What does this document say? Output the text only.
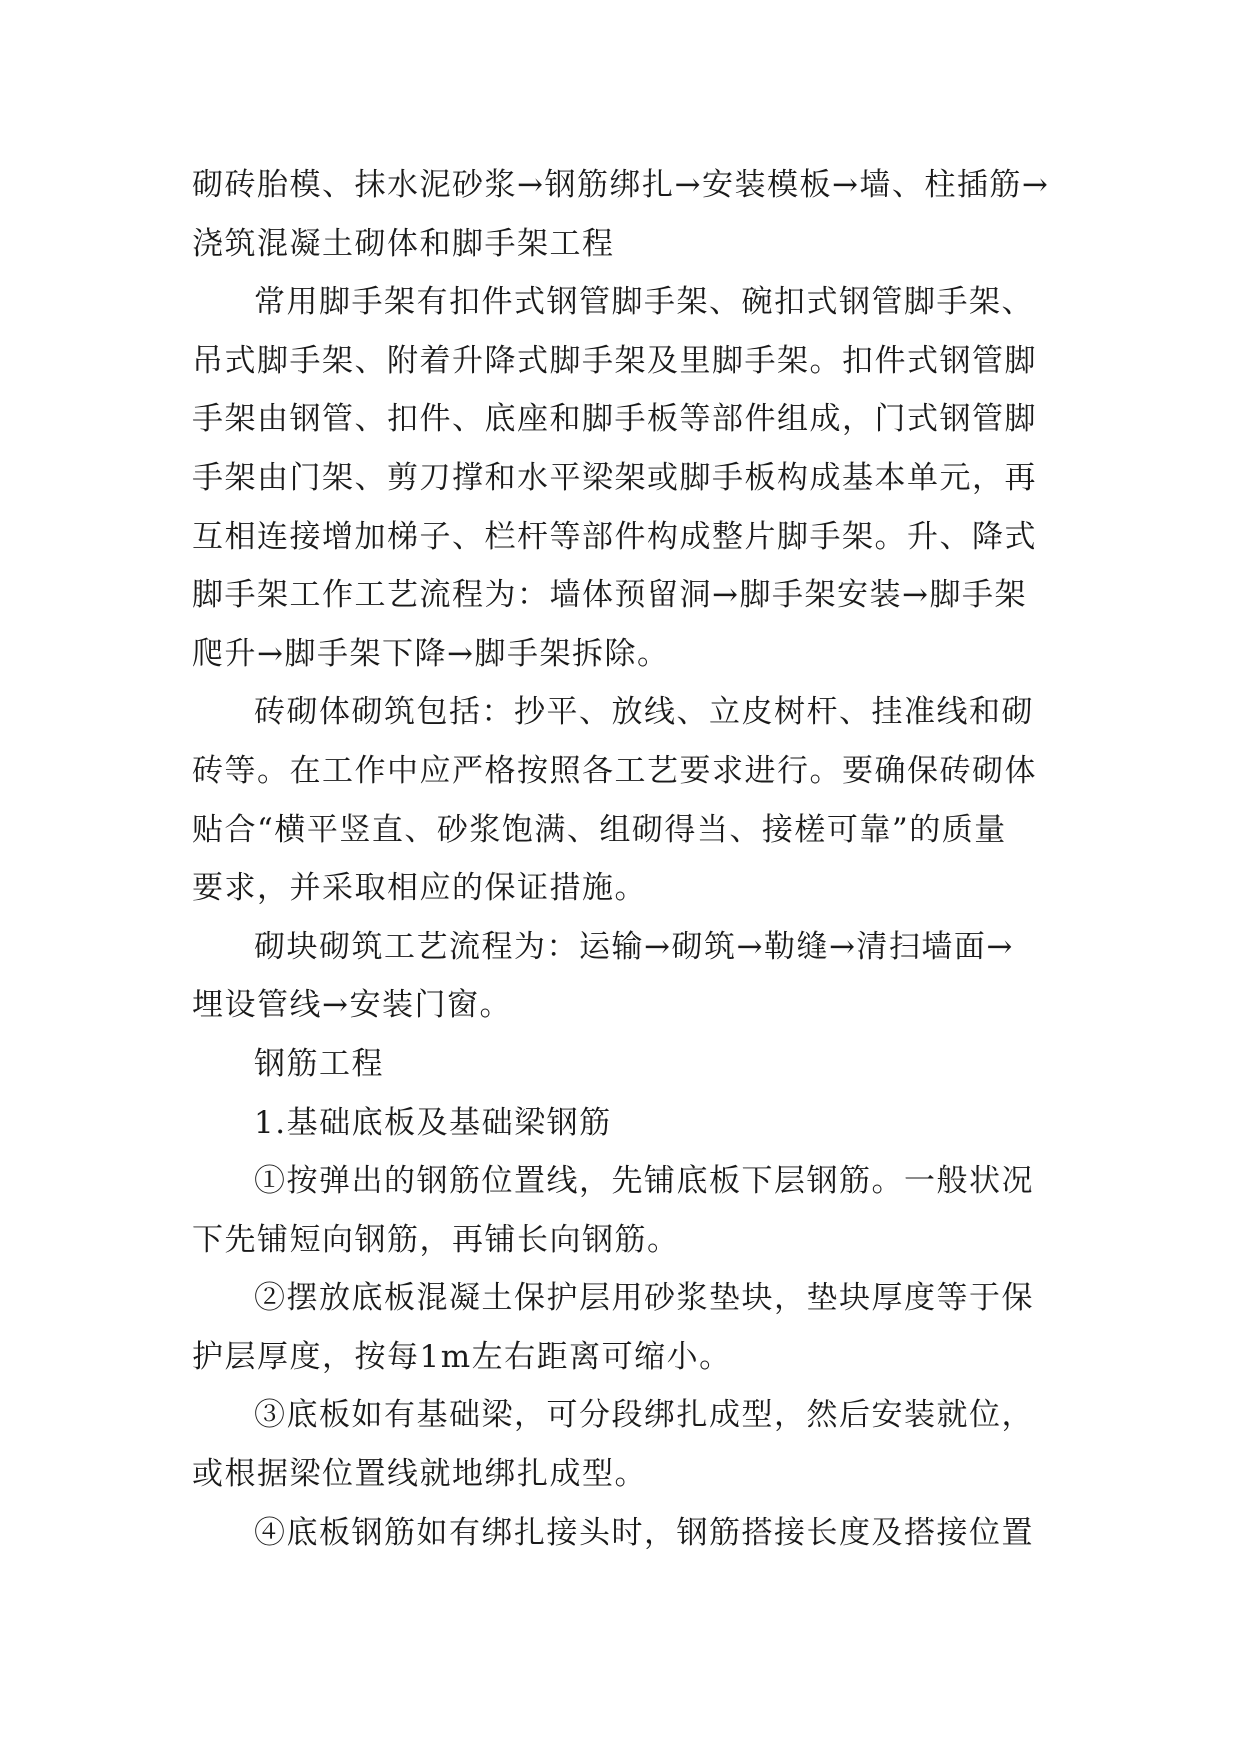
砌砖胎模、抹水泥砂浆→钢筋绑扎→安装模板→墙、柱插筋→
浇筑混凝土砌体和脚手架工程
常用脚手架有扣件式钢管脚手架、碗扣式钢管脚手架、
吊式脚手架、附着升降式脚手架及里脚手架。扣件式钢管脚
手架由钢管、扣件、底座和脚手板等部件组成，门式钢管脚
手架由门架、剪刀撑和水平梁架或脚手板构成基本单元，再
互相连接增加梯子、栏杆等部件构成整片脚手架。升、降式
脚手架工作工艺流程为：墙体预留洞→脚手架安装→脚手架
爬升→脚手架下降→脚手架拆除。
砖砌体砌筑包括：抄平、放线、立皮树杆、挂准线和砌
砖等。在工作中应严格按照各工艺要求进行。要确保砖砌体
贴合“横平竖直、砂浆饱满、组砌得当、接槎可靠”的质量
要求，并采取相应的保证措施。
砌块砌筑工艺流程为：运输→砌筑→勒缝→清扫墙面→
埋设管线→安装门窗。
钢筋工程
1.基础底板及基础梁钢筋
①按弹出的钢筋位置线，先铺底板下层钢筋。一般状况
下先铺短向钢筋，再铺长向钢筋。
②摆放底板混凝土保护层用砂浆垫块，垫块厚度等于保
护层厚度，按每1m左右距离可缩小。
③底板如有基础梁，可分段绑扎成型，然后安装就位，
或根据梁位置线就地绑扎成型。
④底板钢筋如有绑扎接头时，钢筋搭接长度及搭接位置
